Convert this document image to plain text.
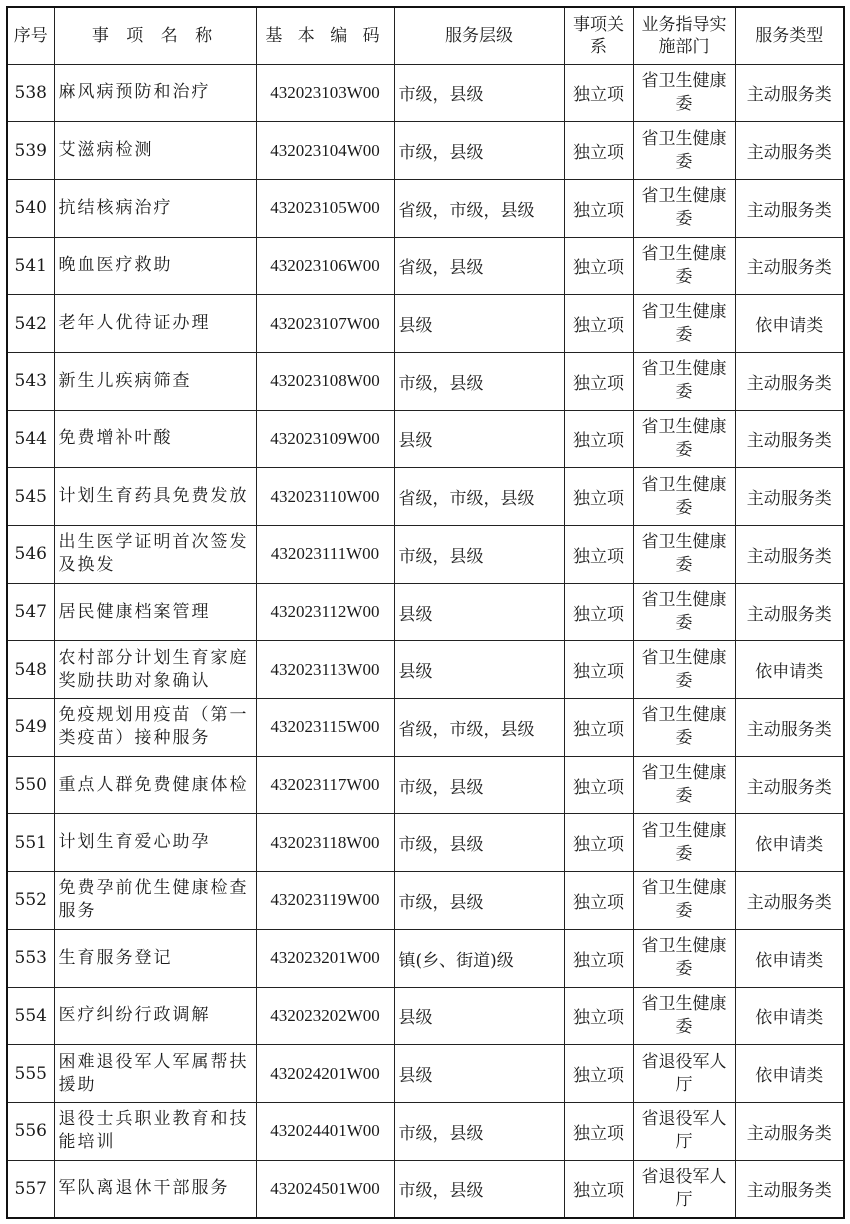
序号	事 项 名 称	基 本 编 码	服务层级	事项关系	业务指导实施部门	服务类型
538	麻风病预防和治疗	432023103W00	市级，县级	独立项	省卫生健康委	主动服务类
539	艾滋病检测	432023104W00	市级，县级	独立项	省卫生健康委	主动服务类
540	抗结核病治疗	432023105W00	省级，市级，县级	独立项	省卫生健康委	主动服务类
541	晚血医疗救助	432023106W00	省级，县级	独立项	省卫生健康委	主动服务类
542	老年人优待证办理	432023107W00	县级	独立项	省卫生健康委	依申请类
543	新生儿疾病筛查	432023108W00	市级，县级	独立项	省卫生健康委	主动服务类
544	免费增补叶酸	432023109W00	县级	独立项	省卫生健康委	主动服务类
545	计划生育药具免费发放	432023110W00	省级，市级，县级	独立项	省卫生健康委	主动服务类
546	出生医学证明首次签发及换发	432023111W00	市级，县级	独立项	省卫生健康委	主动服务类
547	居民健康档案管理	432023112W00	县级	独立项	省卫生健康委	主动服务类
548	农村部分计划生育家庭奖励扶助对象确认	432023113W00	县级	独立项	省卫生健康委	依申请类
549	免疫规划用疫苗（第一类疫苗）接种服务	432023115W00	省级，市级，县级	独立项	省卫生健康委	主动服务类
550	重点人群免费健康体检	432023117W00	市级，县级	独立项	省卫生健康委	主动服务类
551	计划生育爱心助孕	432023118W00	市级，县级	独立项	省卫生健康委	依申请类
552	免费孕前优生健康检查服务	432023119W00	市级，县级	独立项	省卫生健康委	主动服务类
553	生育服务登记	432023201W00	镇(乡、街道)级	独立项	省卫生健康委	依申请类
554	医疗纠纷行政调解	432023202W00	县级	独立项	省卫生健康委	依申请类
555	困难退役军人军属帮扶援助	432024201W00	县级	独立项	省退役军人厅	依申请类
556	退役士兵职业教育和技能培训	432024401W00	市级，县级	独立项	省退役军人厅	主动服务类
557	军队离退休干部服务	432024501W00	市级，县级	独立项	省退役军人厅	主动服务类
